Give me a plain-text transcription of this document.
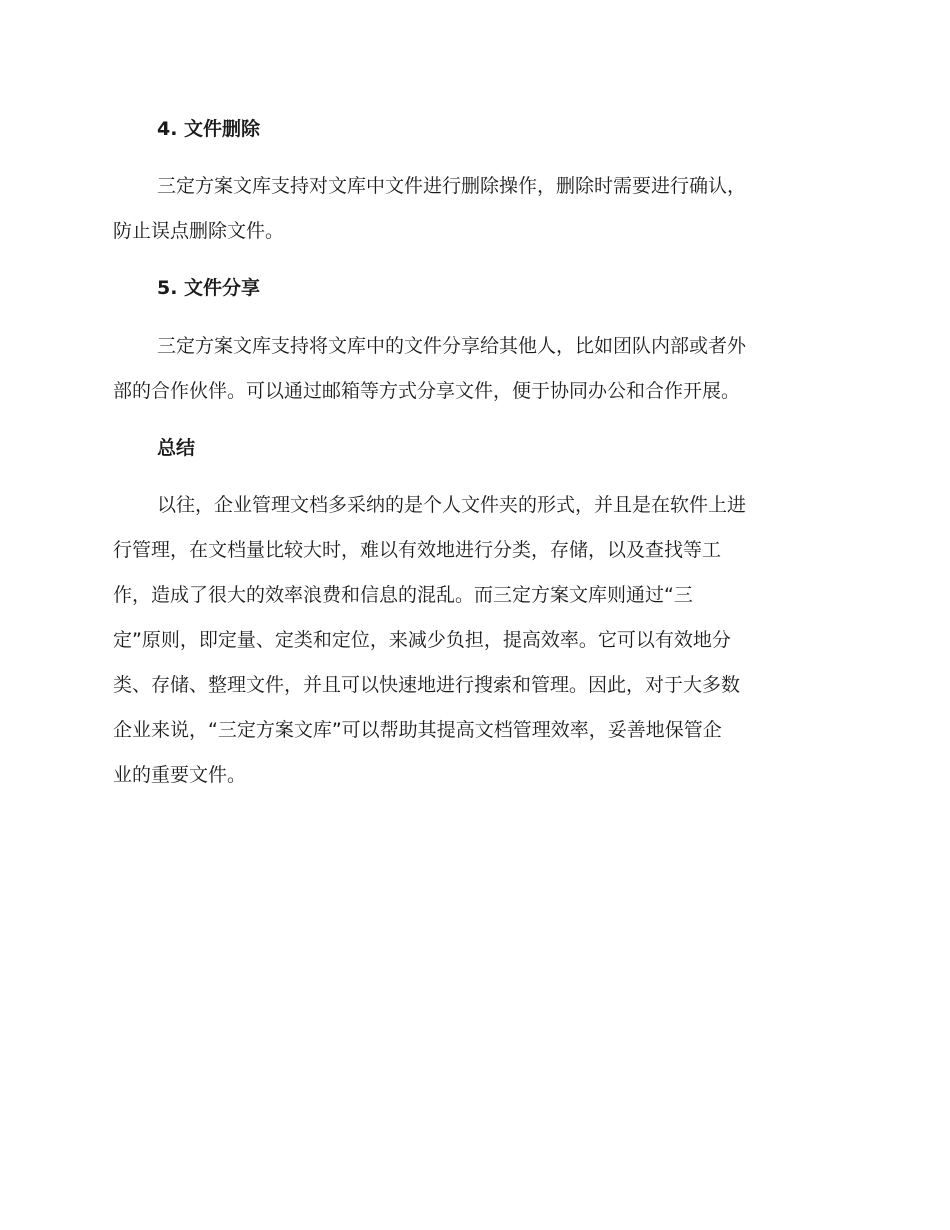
4. 文件删除
三定方案文库支持对文库中文件进行删除操作，删除时需要进行确认，
防止误点删除文件。
5. 文件分享
三定方案文库支持将文库中的文件分享给其他人，比如团队内部或者外
部的合作伙伴。可以通过邮箱等方式分享文件，便于协同办公和合作开展。
总结
以往，企业管理文档多采纳的是个人文件夹的形式，并且是在软件上进
行管理，在文档量比较大时，难以有效地进行分类，存储，以及查找等工
作，造成了很大的效率浪费和信息的混乱。而三定方案文库则通过“三
定”原则，即定量、定类和定位，来减少负担，提高效率。它可以有效地分
类、存储、整理文件，并且可以快速地进行搜索和管理。因此，对于大多数
企业来说，“三定方案文库”可以帮助其提高文档管理效率，妥善地保管企
业的重要文件。
